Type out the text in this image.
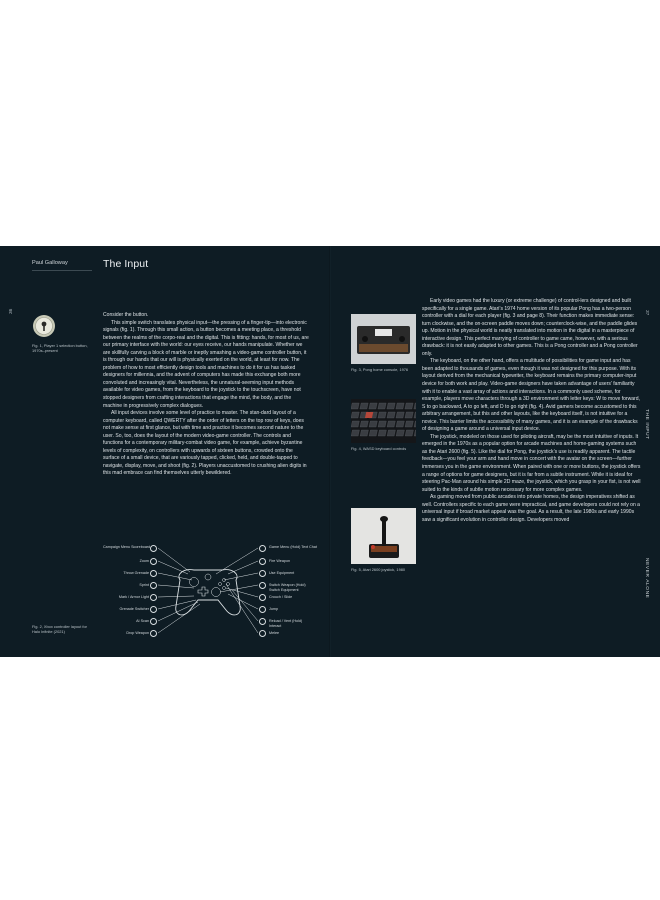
Paul Galloway	The Input
36	37
THE INPUT
NEVER ALONE
Fig. 1, Player 1 selection button, 1970s–present

Consider the button.

This simple switch translates physical input—the pressing of a finger-tip—into electronic signals (fig. 1). Through this small action, a button becomes a meeting place, a threshold between the realms of the corpo-real and the digital. This is fitting: hands, for most of us, are our primary interface with the world: our eyes receive, our hands manipulate. Whether we are skillfully carving a block of marble or ineptly smashing a video-game controller button, it is through our hands that our will is physically exerted on the world, at least for now. The problem of how to most efficiently design tools and machines to do it for us has tasked designers for millennia, and the advent of computers has made this exchange both more convoluted and increasingly vital. Nevertheless, the unnatural-seeming input methods available for video games, from the keyboard to the joystick to the touchscreen, have not stopped designers from crafting interactions that engage the mind, the body, and the machine in progressively complex dialogues.

All input devices involve some level of practice to master. The stan-dard layout of a computer keyboard, called QWERTY after the order of letters on the top row of keys, does not make sense at first glance, but with time and practice it becomes second nature to the user. So, too, does the layout of the modern video-game controller. The controls and functions for a contemporary military-combat video game, for example, achieve byzantine levels of complexity, on controllers with upwards of sixteen buttons, crowded onto the surface of a small device, that are variously tapped, clicked, held, and double-tapped to navigate, display, move, and shoot (fig. 2). Players unaccustomed to crushing alien digits in this mad embrace can find themselves utterly bewildered.

Campaign Menu Scoreboard
Zoom
Throw Grenade
Sprint
Mark / Armor Light
Grenade Switcher
AI Scan
Drop Weapon
Game Menu (Hold) Text Chat
Fire Weapon
Use Equipment
Switch Weapon (Hold) Switch Equipment
Crouch / Slide
Jump
Reload / Vent (Hold) Interact
Melee
Fig. 2, Xbox controller layout for Halo Infinite (2021)
Fig. 3, Pong home console, 1976
Fig. 4, WASD keyboard controls
Fig. 5, Atari 2600 joystick, 1980

Early video games had the luxury (or extreme challenge) of control-lers designed and built specifically for a single game. Atari’s 1974 home version of its popular Pong has a two-person controller with a dial for each player (fig. 3 and page 8). Their function makes immediate sense: turn clockwise, and the on-screen paddle moves down; counterclock-wise, and the paddle glides up. Motion in the physical world is neatly translated into motion in the digital in a masterpiece of interactive design. This perfect marrying of controller to game came, however, with a serious drawback: it is not easily adapted to other games. This is a Pong controller and a Pong controller only.

The keyboard, on the other hand, offers a multitude of possibilities for game input and has been adapted to thousands of games, even though it was not designed for this purpose. With its layout derived from the mechanical typewriter, the keyboard remains the primary computer-input device for both work and play. Video-game designers have taken advantage of users’ familiarity with it to enable a vast array of actions and interactions. In a commonly used scheme, for example, players move characters through a 3D environment with letter keys: W to move forward, S to go backward, A to go left, and D to go right (fig. 4). Avid gamers become accustomed to this arbitrary arrangement, but this and other layouts, like the keyboard itself, is not intuitive for a novice. This barrier limits the accessibility of many games, and it is an example of the drawbacks of designing a game around a universal input device.

The joystick, modeled on those used for piloting aircraft, may be the most intuitive of inputs. It emerged in the 1970s as a popular option for arcade machines and home-gaming systems such as the Atari 2600 (fig. 5). Like the dial for Pong, the joystick’s use is readily apparent. The tactile feedback—you feel your arm and hand move in concert with the avatar on the screen—further immerses you in the game environment. When paired with one or more buttons, the joystick offers a range of options for game designers, but it is far from a subtle instrument. While it is ideal for steering Pac-Man around his simple 2D maze, the joystick, which you grasp in your fist, is not well suited to the kinds of subtle motion necessary for more complex games.

As gaming moved from public arcades into private homes, the design imperatives shifted as well. Controllers specific to each game were impractical, and game developers could not rely on a universal input if broad market appeal was the goal. As a result, the late 1980s and early 1990s saw a significant evolution in controller design. Developers moved
